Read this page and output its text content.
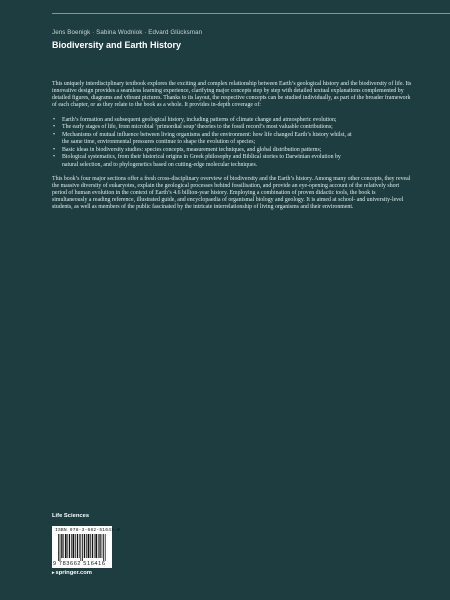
Jens Boenigk · Sabina Wodniok · Edvard Glücksman
Biodiversity and Earth History

This uniquely interdisciplinary textbook explores the exciting and complex relationship between Earth’s geological history and the biodiversity of life. Its innovative design provides a seamless learning experience, clarifying major concepts step by step with detailed textual explanations complemented by detailed figures, diagrams and vibrant pictures. Thanks to its layout, the respective concepts can be studied individually, as part of the broader framework of each chapter, or as they relate to the book as a whole. It provides in-depth coverage of:

• Earth’s formation and subsequent geological history, including patterns of climate change and atmospheric evolution;
• The early stages of life, from microbial ‘primordial soup’ theories to the fossil record’s most valuable contributions;
• Mechanisms of mutual influence between living organisms and the environment: how life changed Earth’s history whilst, at the same time, environmental pressures continue to shape the evolution of species;
• Basic ideas in biodiversity studies: species concepts, measurement techniques, and global distribution patterns;
• Biological systematics, from their historical origins in Greek philosophy and Biblical stories to Darwinian evolution by natural selection, and to phylogenetics based on cutting-edge molecular techniques.

This book’s four major sections offer a fresh cross-disciplinary overview of biodiversity and the Earth’s history. Among many other concepts, they reveal the massive diversity of eukaryotes, explain the geological processes behind fossilisation, and provide an eye-opening account of the relatively short period of human evolution in the context of Earth’s 4.6 billion-year history. Employing a combination of proven didactic tools, the book is simultaneously a reading reference, illustrated guide, and encyclopaedia of organismal biology and geology. It is aimed at school- and university-level students, as well as members of the public fascinated by the intricate interrelationship of living organisms and their environment.

Life Sciences
ISBN 978-3-662-51641-6
9 783662 516416
▸springer.com
